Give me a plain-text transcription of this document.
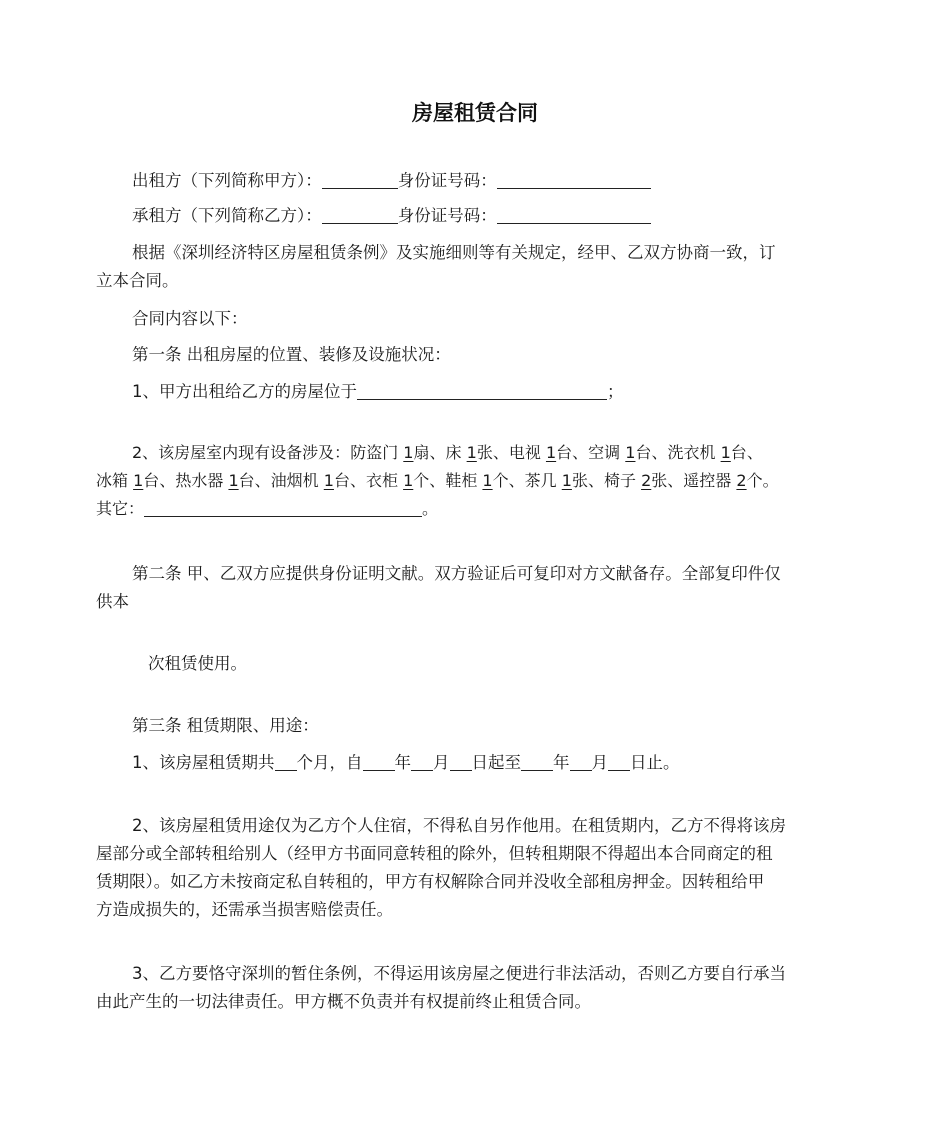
房屋租赁合同
出租方（下列简称甲方）：	身份证号码：
承租方（下列简称乙方）：	身份证号码：
根据《深圳经济特区房屋租赁条例》及实施细则等有关规定，经甲、乙双方协商一致，订
立本合同。
合同内容以下：
第一条 出租房屋的位置、装修及设施状况：
1、甲方出租给乙方的房屋位于	；
2、该房屋室内现有设备涉及：防盗门 1扇、床 1张、电视 1台、空调 1台、洗衣机 1台、
冰箱 1台、热水器 1台、油烟机 1台、衣柜 1个、鞋柜 1个、茶几 1张、椅子 2张、遥控器 2个。
其它：	。
第二条 甲、乙双方应提供身份证明文献。双方验证后可复印对方文献备存。全部复印件仅
供本
次租赁使用。
第三条 租赁期限、用途：
1、该房屋租赁期共 个月，自 年 月 日起至 年 月 日止。
2、该房屋租赁用途仅为乙方个人住宿，不得私自另作他用。在租赁期内，乙方不得将该房
屋部分或全部转租给别人（经甲方书面同意转租的除外，但转租期限不得超出本合同商定的租
赁期限）。如乙方未按商定私自转租的，甲方有权解除合同并没收全部租房押金。因转租给甲
方造成损失的，还需承当损害赔偿责任。
3、乙方要恪守深圳的暂住条例，不得运用该房屋之便进行非法活动，否则乙方要自行承当
由此产生的一切法律责任。甲方概不负责并有权提前终止租赁合同。
